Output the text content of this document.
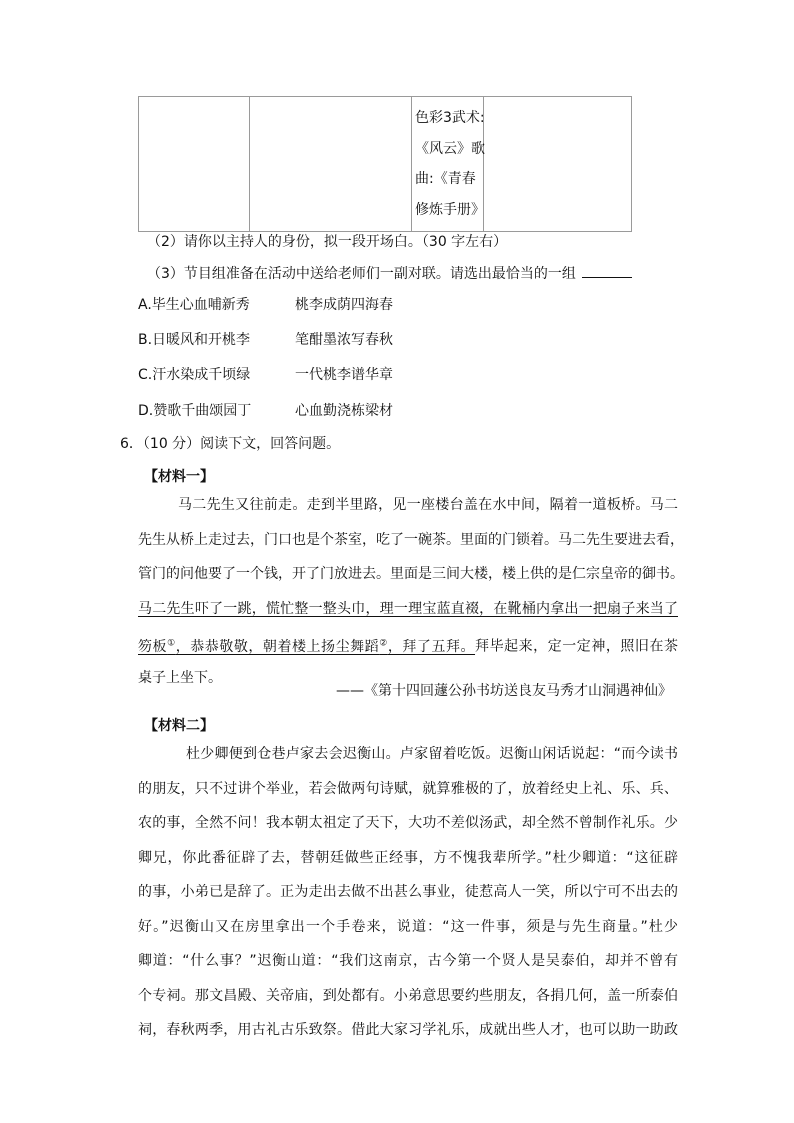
色彩3武术:
《风云》歌
曲:《青春
修炼手册》

（2）请你以主持人的身份，拟一段开场白。（30 字左右）
（3）节目组准备在活动中送给老师们一副对联。请选出最恰当的一组
A.毕生心血哺新秀	桃李成荫四海春
B.日暖风和开桃李	笔酣墨浓写春秋
C.汗水染成千顷绿	一代桃李谱华章
D.赞歌千曲颂园丁	心血勤浇栋梁材
6．（10 分）阅读下文，回答问题。
【材料一】
马二先生又往前走。走到半里路，见一座楼台盖在水中间，隔着一道板桥。马二
先生从桥上走过去，门口也是个茶室，吃了一碗茶。里面的门锁着。马二先生要进去看，
管门的问他要了一个钱，开了门放进去。里面是三间大楼，楼上供的是仁宗皇帝的御书。
马二先生吓了一跳，慌忙整一整头巾，理一理宝蓝直裰，在靴桶内拿出一把扇子来当了
笏板①，恭恭敬敬，朝着楼上扬尘舞蹈②，拜了五拜。拜毕起来，定一定神，照旧在茶
桌子上坐下。
——《第十四回蘧公孙书坊送良友马秀才山洞遇神仙》
【材料二】
杜少卿便到仓巷卢家去会迟衡山。卢家留着吃饭。迟衡山闲话说起：“而今读书
的朋友，只不过讲个举业，若会做两句诗赋，就算雅极的了，放着经史上礼、乐、兵、
农的事，全然不问！我本朝太祖定了天下，大功不差似汤武，却全然不曾制作礼乐。少
卿兄，你此番征辟了去，替朝廷做些正经事，方不愧我辈所学。”杜少卿道：“这征辟
的事，小弟已是辞了。正为走出去做不出甚么事业，徒惹高人一笑，所以宁可不出去的
好。”迟衡山又在房里拿出一个手卷来，说道：“这一件事，须是与先生商量。”杜少
卿道：“什么事？”迟衡山道：“我们这南京，古今第一个贤人是吴泰伯，却并不曾有
个专祠。那文昌殿、关帝庙，到处都有。小弟意思要约些朋友，各捐几何，盖一所泰伯
祠，春秋两季，用古礼古乐致祭。借此大家习学礼乐，成就出些人才，也可以助一助政
